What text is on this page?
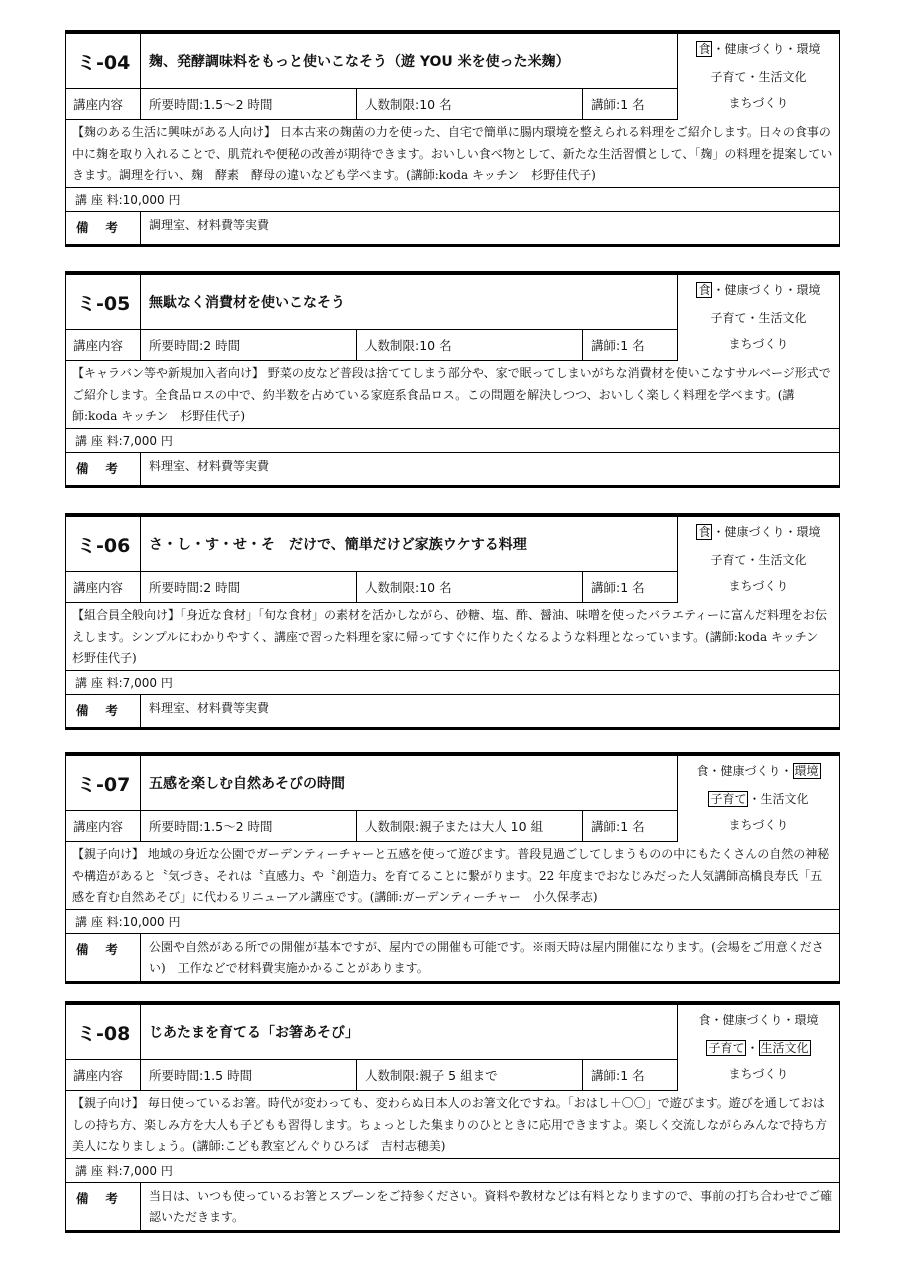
ミ-04	麹、発酵調味料をもっと使いこなそう（遊 YOU 米を使った米麹）
食 ・健康づくり・環境
子育て・生活文化
まちづくり
講座内容	所要時間:1.5〜2 時間	人数制限:10 名	講師:1 名
【麹のある生活に興味がある人向け】 日本古来の麹菌の力を使った、自宅で簡単に腸内環境を整えられる料理をご紹介します。日々の食事の中に麹を取り入れることで、肌荒れや便秘の改善が期待できます。おいしい食べ物として、新たな生活習慣として、「麹」の料理を提案していきます。調理を行い、麹　酵素　酵母の違いなども学べます。(講師:koda キッチン　杉野佳代子)
講 座 料:10,000 円
備　 考	調理室、材料費等実費
ミ-05	無駄なく消費材を使いこなそう
食 ・健康づくり・環境
子育て・生活文化
まちづくり
講座内容	所要時間:2 時間	人数制限:10 名	講師:1 名
【キャラバン等や新規加入者向け】 野菜の皮など普段は捨ててしまう部分や、家で眠ってしまいがちな消費材を使いこなすサルベージ形式でご紹介します。全食品ロスの中で、約半数を占めている家庭系食品ロス。この問題を解決しつつ、おいしく楽しく料理を学べます。(講師:koda キッチン　杉野佳代子)
講 座 料:7,000 円
備　 考	料理室、材料費等実費
ミ-06	さ・し・す・せ・そ　だけで、簡単だけど家族ウケする料理
食 ・健康づくり・環境
子育て・生活文化
まちづくり
講座内容	所要時間:2 時間	人数制限:10 名	講師:1 名
【組合員全般向け】「身近な食材」「旬な食材」の素材を活かしながら、砂糖、塩、酢、醤油、味噌を使ったバラエティーに富んだ料理をお伝えします。シンプルにわかりやすく、講座で習った料理を家に帰ってすぐに作りたくなるような料理となっています。(講師:koda キッチン　杉野佳代子)
講 座 料:7,000 円
備　 考	料理室、材料費等実費
ミ-07	五感を楽しむ自然あそびの時間
食・健康づくり・ 環境
子育て ・生活文化
まちづくり
講座内容	所要時間:1.5〜2 時間	人数制限:親子または大人 10 組	講師:1 名
【親子向け】 地域の身近な公園でガーデンティーチャーと五感を使って遊びます。普段見過ごしてしまうものの中にもたくさんの自然の神秘や構造があると〝気づき〟それは〝直感力〟や〝創造力〟を育てることに繋がります。22 年度までおなじみだった人気講師高橋良寿氏「五感を育む自然あそび」に代わるリニューアル講座です。(講師:ガーデンティーチャー　小久保孝志)
講 座 料:10,000 円
備　 考	公園や自然がある所での開催が基本ですが、屋内での開催も可能です。※雨天時は屋内開催になります。(会場をご用意ください)　工作などで材料費実施かかることがあります。
ミ-08	じあたまを育てる「お箸あそび」
食・健康づくり・環境
子育て ・ 生活文化
まちづくり
講座内容	所要時間:1.5 時間	人数制限:親子 5 組まで	講師:1 名
【親子向け】 毎日使っているお箸。時代が変わっても、変わらぬ日本人のお箸文化ですね。「おはし＋〇〇」で遊びます。遊びを通しておはしの持ち方、楽しみ方を大人も子どもも習得します。ちょっとした集まりのひとときに応用できますよ。楽しく交流しながらみんなで持ち方美人になりましょう。(講師:こども教室どんぐりひろば　吉村志穂美)
講 座 料:7,000 円
備　 考	当日は、いつも使っているお箸とスプーンをご持参ください。資料や教材などは有料となりますので、事前の打ち合わせでご確認いただきます。
